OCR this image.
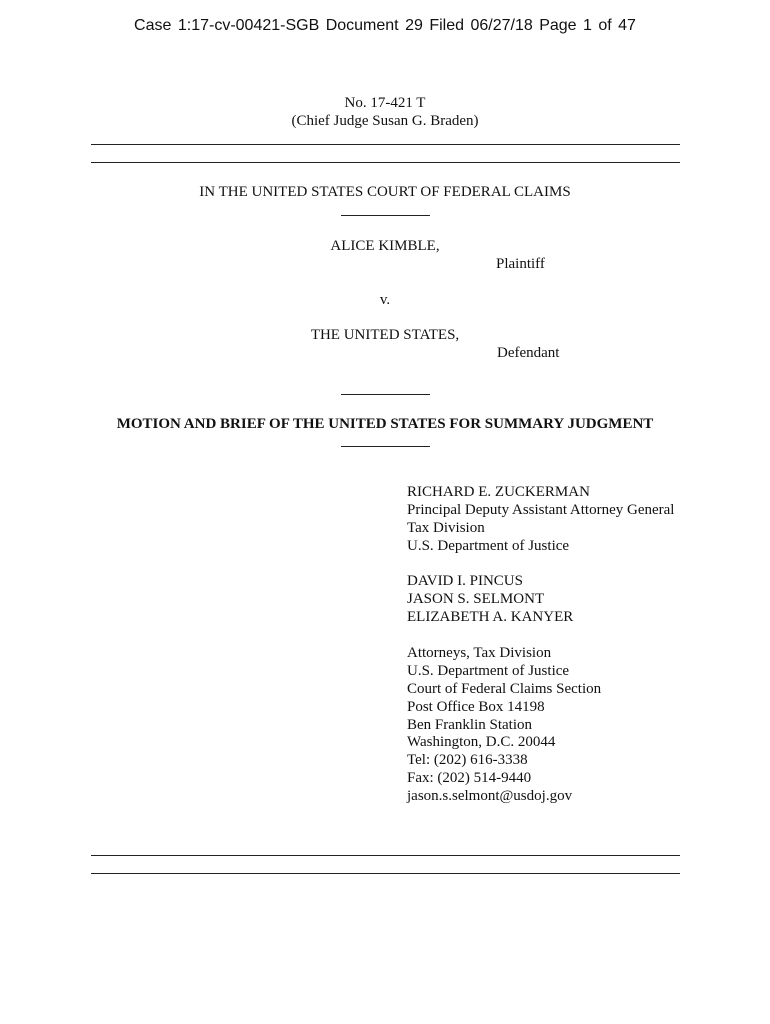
Case 1:17-cv-00421-SGB Document 29 Filed 06/27/18 Page 1 of 47
No. 17-421 T
(Chief Judge Susan G. Braden)
IN THE UNITED STATES COURT OF FEDERAL CLAIMS
ALICE KIMBLE,
Plaintiff
v.
THE UNITED STATES,
Defendant
MOTION AND BRIEF OF THE UNITED STATES FOR SUMMARY JUDGMENT
RICHARD E. ZUCKERMAN
Principal Deputy Assistant Attorney General
Tax Division
U.S. Department of Justice
DAVID I. PINCUS
JASON S. SELMONT
ELIZABETH A. KANYER
Attorneys, Tax Division
U.S. Department of Justice
Court of Federal Claims Section
Post Office Box 14198
Ben Franklin Station
Washington, D.C. 20044
Tel: (202) 616-3338
Fax: (202) 514-9440
jason.s.selmont@usdoj.gov
